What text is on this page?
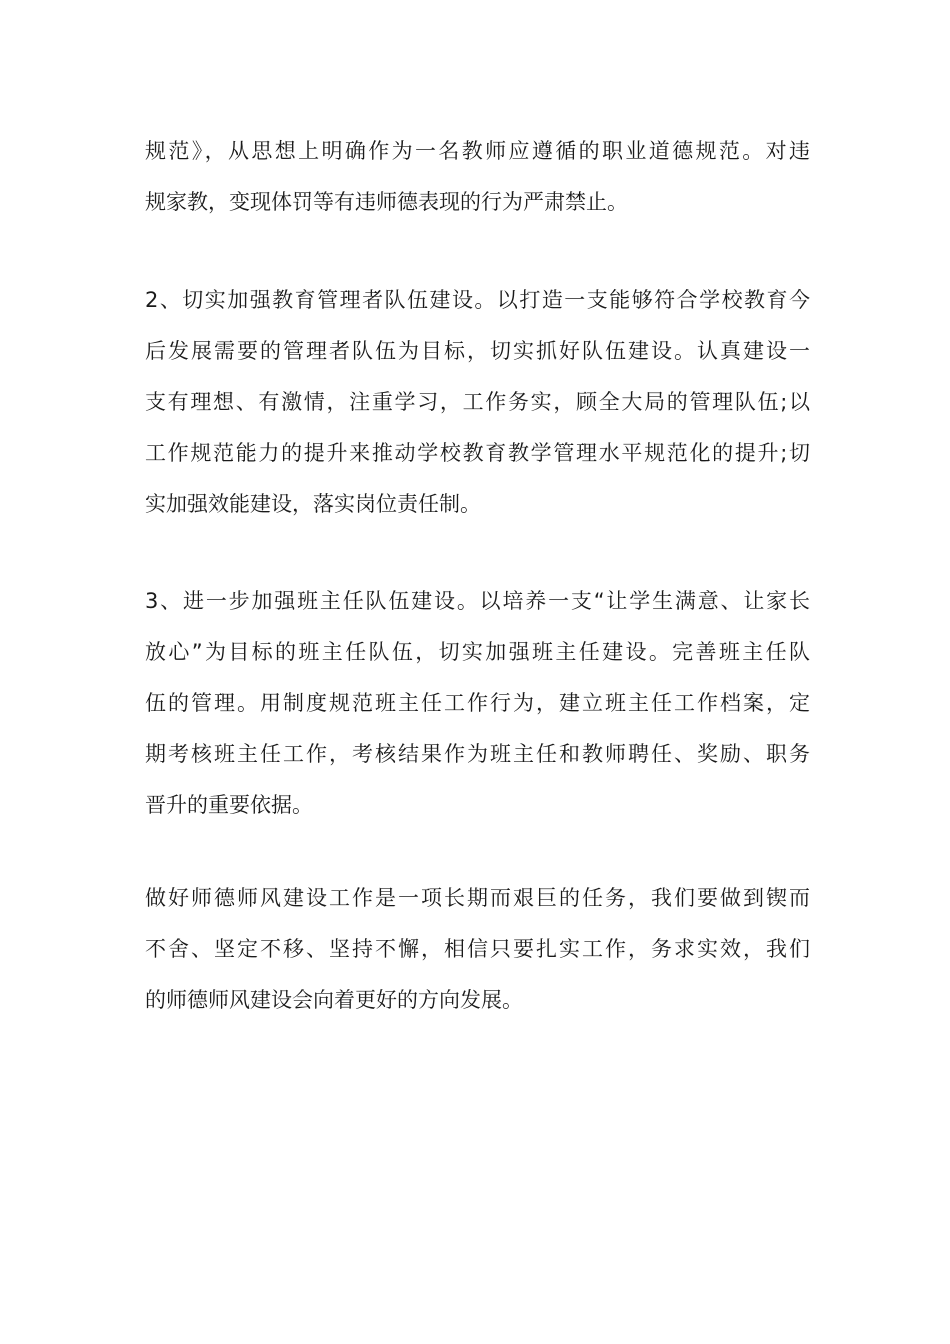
规范》，从思想上明确作为一名教师应遵循的职业道德规范。对违
规家教，变现体罚等有违师德表现的行为严肃禁止。
2、切实加强教育管理者队伍建设。以打造一支能够符合学校教育今
后发展需要的管理者队伍为目标，切实抓好队伍建设。认真建设一
支有理想、有激情，注重学习，工作务实，顾全大局的管理队伍;以
工作规范能力的提升来推动学校教育教学管理水平规范化的提升;切
实加强效能建设，落实岗位责任制。
3、进一步加强班主任队伍建设。以培养一支“让学生满意、让家长
放心”为目标的班主任队伍，切实加强班主任建设。完善班主任队
伍的管理。用制度规范班主任工作行为，建立班主任工作档案，定
期考核班主任工作，考核结果作为班主任和教师聘任、奖励、职务
晋升的重要依据。
做好师德师风建设工作是一项长期而艰巨的任务，我们要做到锲而
不舍、坚定不移、坚持不懈，相信只要扎实工作，务求实效，我们
的师德师风建设会向着更好的方向发展。
